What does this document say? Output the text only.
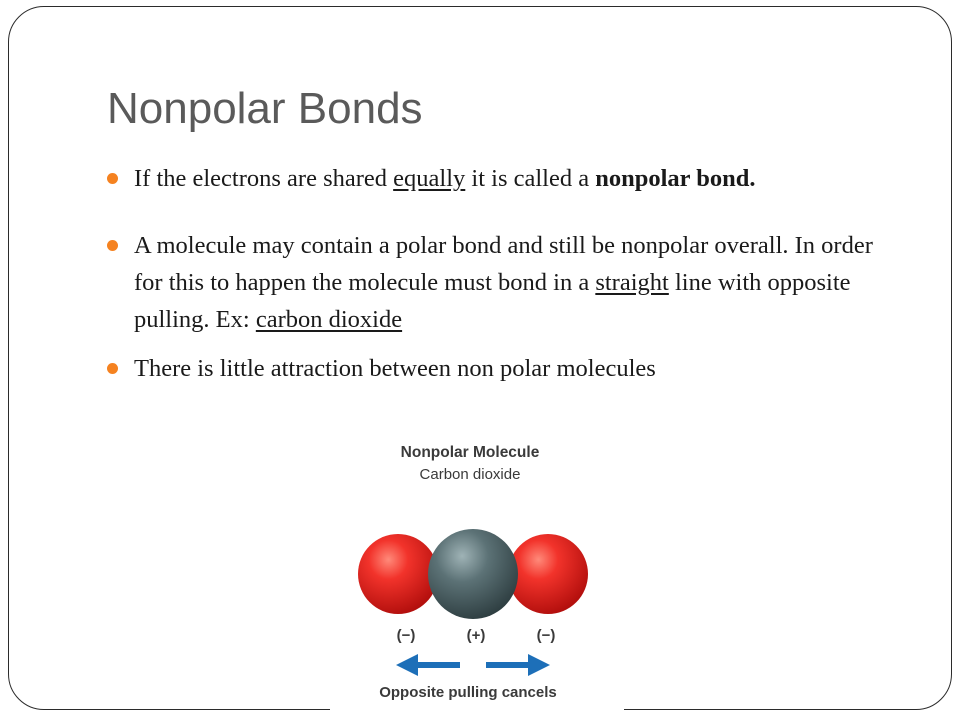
Nonpolar Bonds

If the electrons are shared equally it is called a nonpolar bond.

A molecule may contain a polar bond and still be nonpolar overall. In order for this to happen the molecule must bond in a straight line with opposite pulling. Ex: carbon dioxide

There is little attraction between non polar molecules

Nonpolar Molecule
Carbon dioxide
(−)	(+)	(−)
Opposite pulling cancels
